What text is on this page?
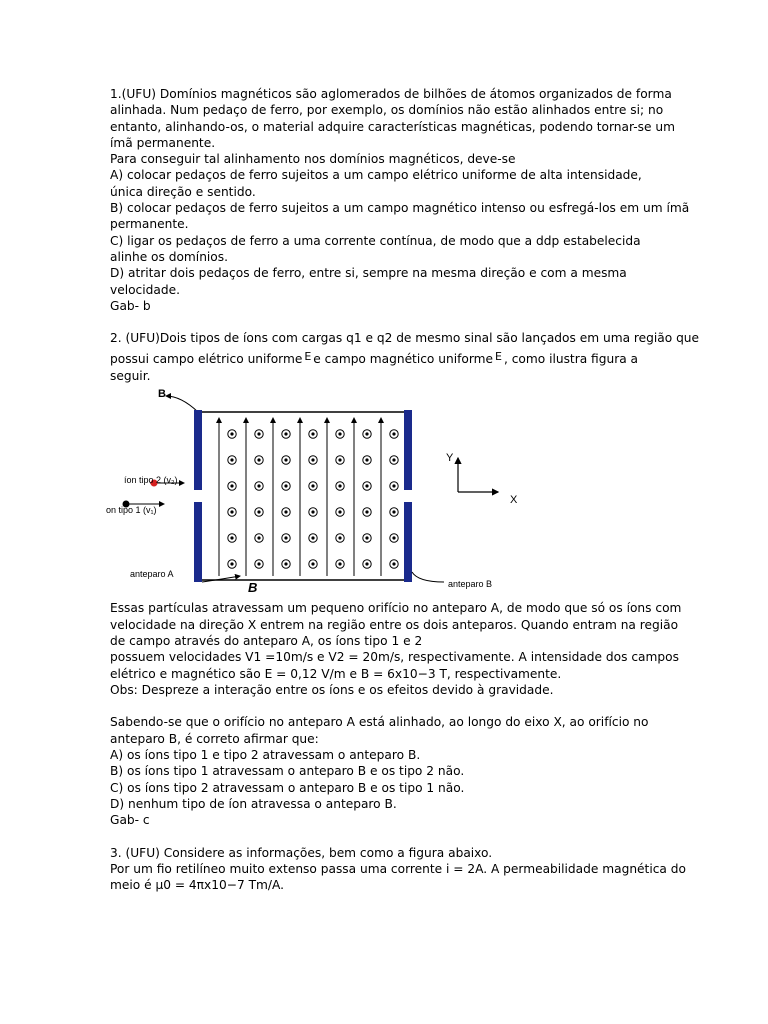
1.(UFU) Domínios magnéticos são aglomerados de bilhões de átomos organizados de forma
alinhada. Num pedaço de ferro, por exemplo, os domínios não estão alinhados entre si; no
entanto, alinhando-os, o material adquire características magnéticas, podendo tornar-se um
ímã permanente.
Para conseguir tal alinhamento nos domínios magnéticos, deve-se
A) colocar pedaços de ferro sujeitos a um campo elétrico uniforme de alta intensidade,
única direção e sentido.
B) colocar pedaços de ferro sujeitos a um campo magnético intenso ou esfregá-los em um ímã
permanente.
C) ligar os pedaços de ferro a uma corrente contínua, de modo que a ddp estabelecida
alinhe os domínios.
D) atritar dois pedaços de ferro, entre si, sempre na mesma direção e com a mesma
velocidade.
Gab- b
2. (UFU)Dois tipos de íons com cargas q1 e q2 de mesmo sinal são lançados em uma região que
possui campo elétrico uniforme E e campo magnético uniforme E , como ilustra figura a
seguir.
B
íon tipo 2 (v₂)
on tipo 1 (v₁)
anteparo A
B	anteparo B
Y
X
Essas partículas atravessam um pequeno orifício no anteparo A, de modo que só os íons com
velocidade na direção X entrem na região entre os dois anteparos. Quando entram na região
de campo através do anteparo A, os íons tipo 1 e 2
possuem velocidades V1 =10m/s e V2 = 20m/s, respectivamente. A intensidade dos campos
elétrico e magnético são E = 0,12 V/m e B = 6x10−3 T, respectivamente.
Obs: Despreze a interação entre os íons e os efeitos devido à gravidade.
Sabendo-se que o orifício no anteparo A está alinhado, ao longo do eixo X, ao orifício no
anteparo B, é correto afirmar que:
A) os íons tipo 1 e tipo 2 atravessam o anteparo B.
B) os íons tipo 1 atravessam o anteparo B e os tipo 2 não.
C) os íons tipo 2 atravessam o anteparo B e os tipo 1 não.
D) nenhum tipo de íon atravessa o anteparo B.
Gab- c
3. (UFU) Considere as informações, bem como a figura abaixo.
Por um fio retilíneo muito extenso passa uma corrente i = 2A. A permeabilidade magnética do
meio é μ0 = 4πx10−7 Tm/A.
